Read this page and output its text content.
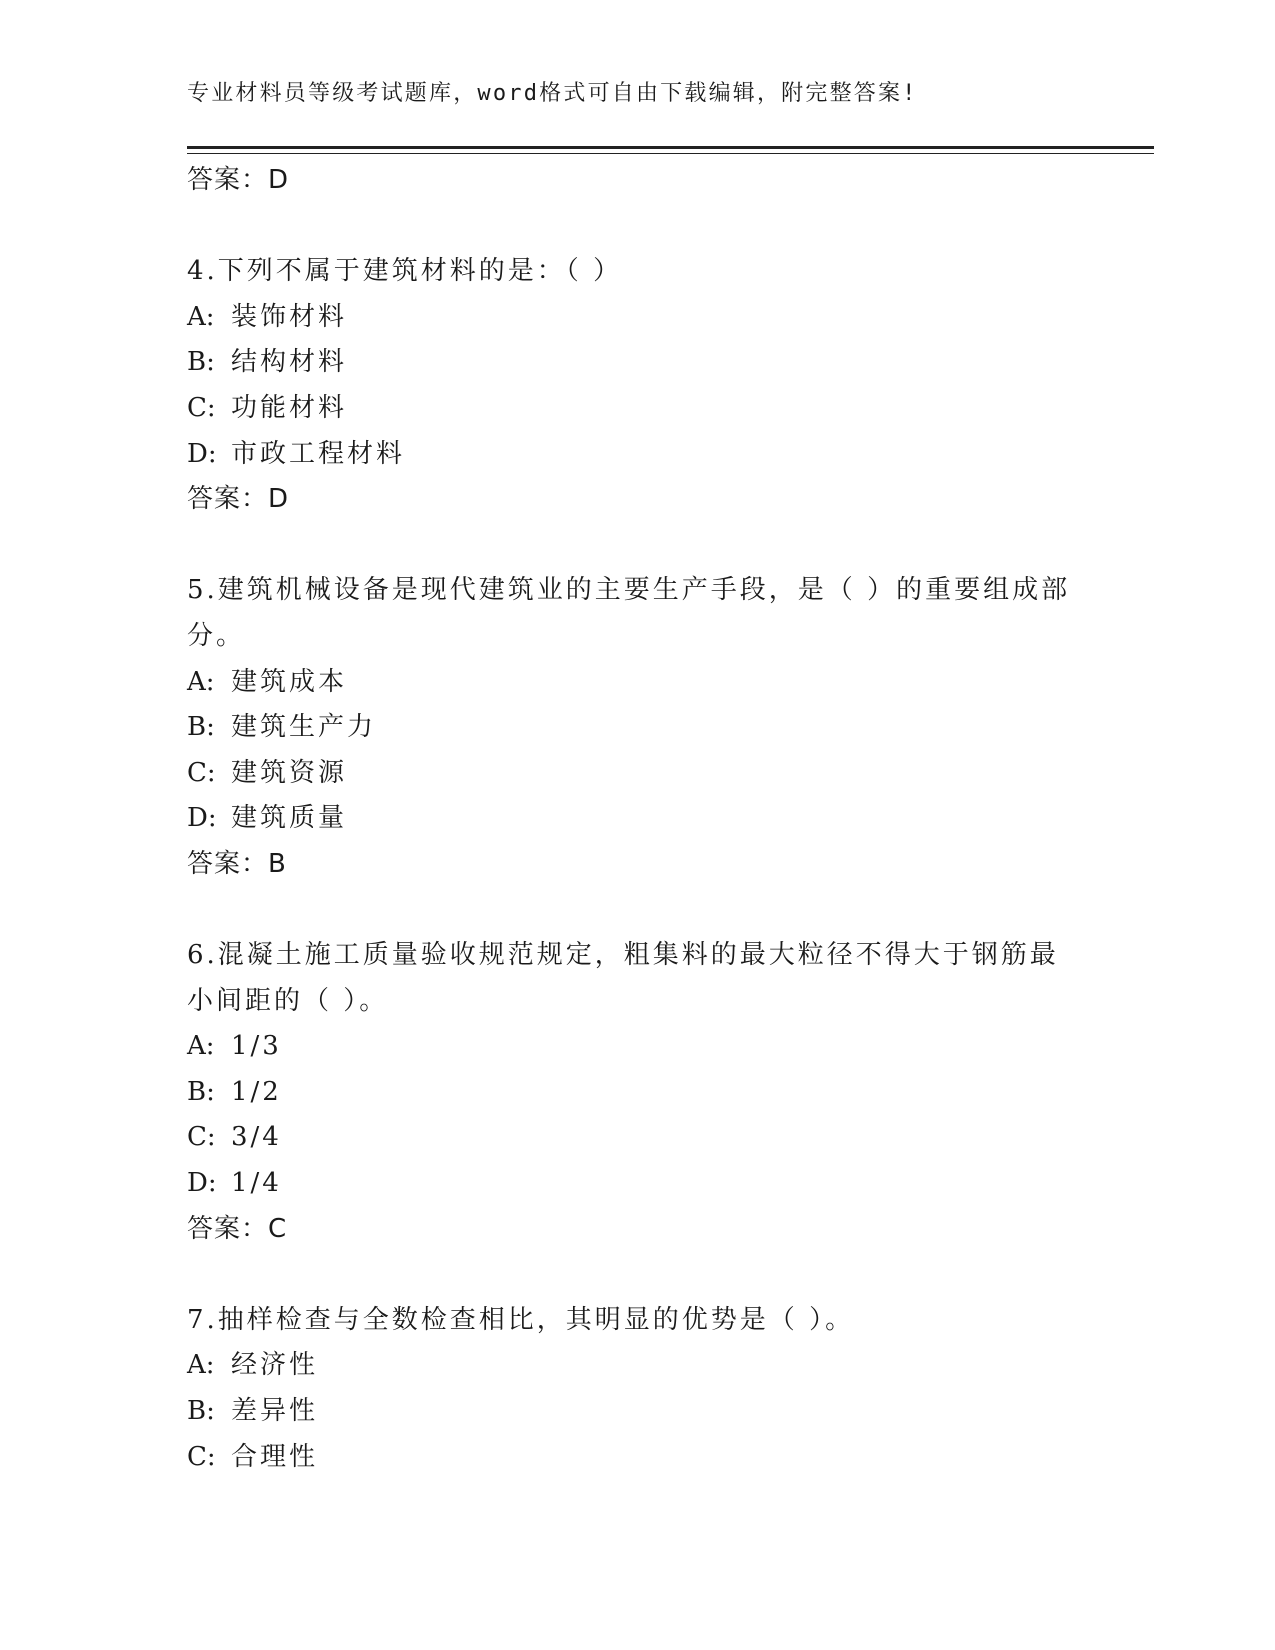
专业材料员等级考试题库，word格式可自由下载编辑，附完整答案!
答案：D
4.下列不属于建筑材料的是：（ ）
A: 装饰材料
B: 结构材料
C: 功能材料
D: 市政工程材料
答案：D
5.建筑机械设备是现代建筑业的主要生产手段，是（ ）的重要组成部
分。
A: 建筑成本
B: 建筑生产力
C: 建筑资源
D: 建筑质量
答案：B
6.混凝土施工质量验收规范规定，粗集料的最大粒径不得大于钢筋最
小间距的（ ）。
A: 1/3
B: 1/2
C: 3/4
D: 1/4
答案：C
7.抽样检查与全数检查相比，其明显的优势是（ ）。
A: 经济性
B: 差异性
C: 合理性
